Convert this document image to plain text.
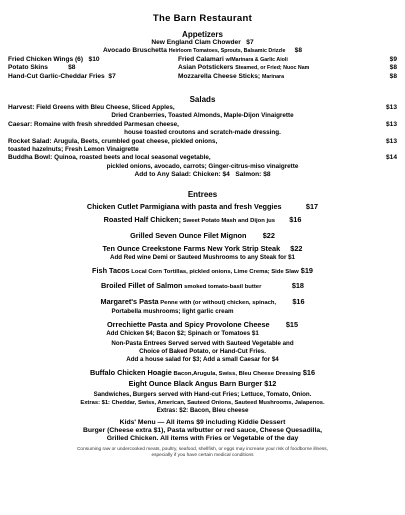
The Barn Restaurant
Appetizers
New England Clam Chowder $7
Avocado Bruschetta Heirloom Tomatoes, Sprouts, Balsamic Drizzle $8
Fried Chicken Wings (6) $10	Fried Calamari w/Marinara & Garlic Aioli	$9
Potato Skins	$8	Asian Potstickers Steamed, or Fried; Nuoc Nam	$8
Hand-Cut Garlic-Cheddar Fries $7	Mozzarella Cheese Sticks; Marinara	$8
Salads
Harvest: Field Greens with Bleu Cheese, Sliced Apples,	$13
Dried Cranberries, Toasted Almonds, Maple-Dijon Vinaigrette
Caesar: Romaine with fresh shredded Parmesan cheese,	$13
house toasted croutons and scratch-made dressing.
Rocket Salad: Arugula, Beets, crumbled goat cheese, pickled onions,	$13
toasted hazelnuts; Fresh Lemon Vinaigrette
Buddha Bowl: Quinoa, roasted beets and local seasonal vegetable,	$14
pickled onions, avocado, carrots; Ginger-citrus-miso vinaigrette
Add to Any Salad: Chicken: $4   Salmon: $8
Entrees
Chicken Cutlet Parmigiana with pasta and fresh Veggies	$17
Roasted Half Chicken; Sweet Potato Mash and Dijon jus $16
Grilled Seven Ounce Filet Mignon $22
Ten Ounce Creekstone Farms New York Strip Steak $22
Add Red wine Demi or Sauteed Mushrooms to any Steak for $1
Fish Tacos Local Corn Tortillas, pickled onions, Lime Crema; Side Slaw $19
Broiled Fillet of Salmon smoked tomato-basil butter	$18
Margaret's Pasta Penne with (or without) chicken, spinach, $16
Portabella mushrooms; light garlic cream
Orrechiette Pasta and Spicy Provolone Cheese $15
Add Chicken $4; Bacon $2; Spinach or Tomatoes $1
Non-Pasta Entrees Served served with Sauteed Vegetable and
Choice of Baked Potato, or Hand-Cut Fries.
Add a house salad for $3; Add a small Caesar for $4
Buffalo Chicken Hoagie Bacon,Arugula, Swiss, Bleu Cheese Dressing $16
Eight Ounce Black Angus Barn Burger $12
Sandwiches, Burgers served with Hand-cut Fries; Lettuce, Tomato, Onion.
Extras: $1: Cheddar, Swiss, American, Sauteed Onions, Sauteed Mushrooms, Jalapenos.
Extras: $2: Bacon, Bleu cheese
Kids' Menu — All items $9 including Kiddie Dessert
Burger (Cheese extra $1), Pasta w/butter or red sauce, Cheese Quesadilla,
Grilled Chicken. All items with Fries or Vegetable of the day
Consuming raw or undercooked meats, poultry, seafood, shellfish, or eggs may increase your risk of foodborne illness,
especially if you have certain medical conditions
